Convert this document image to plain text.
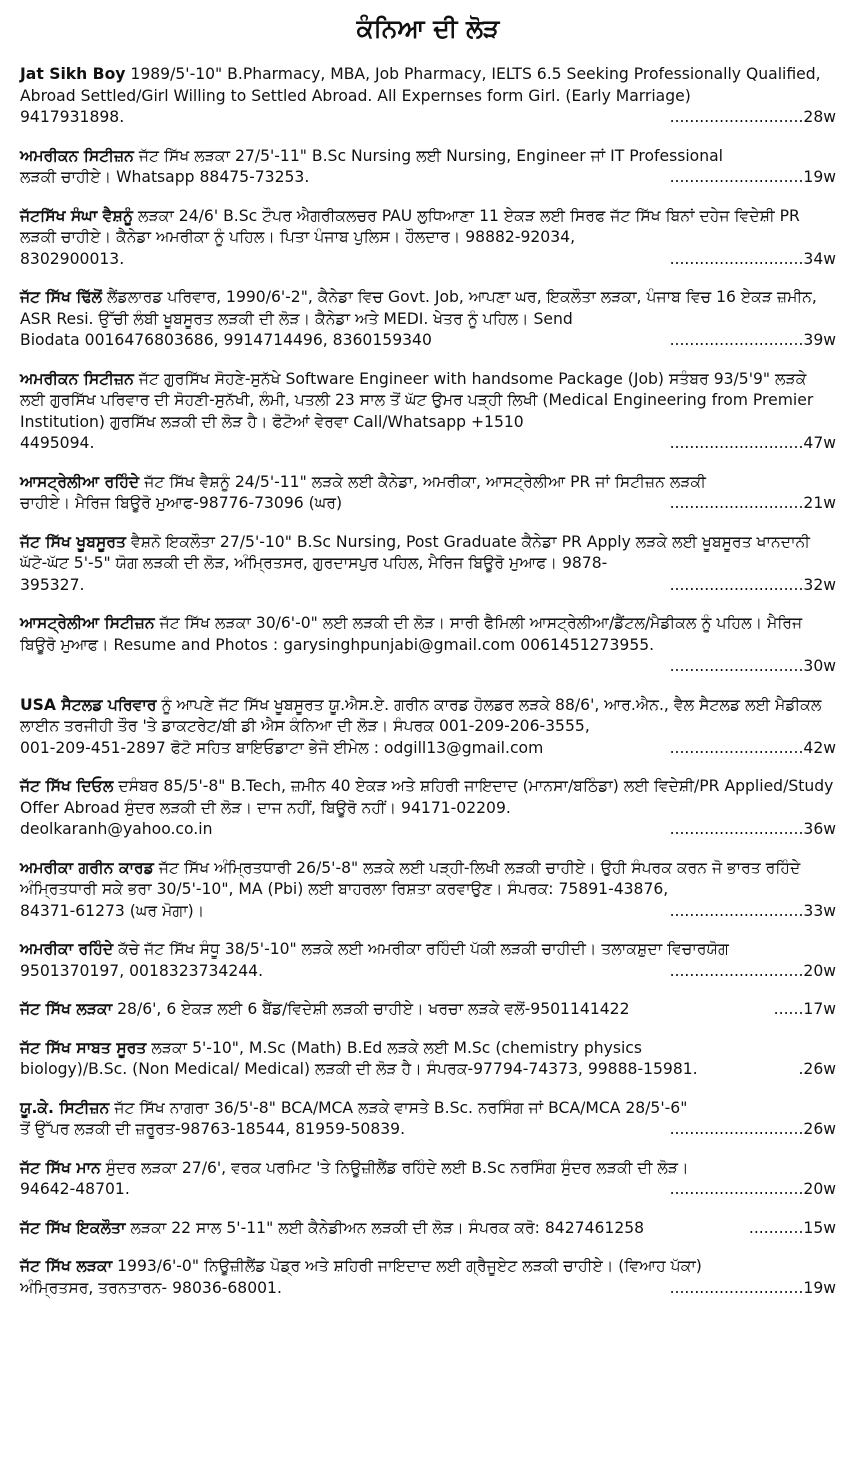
ਕੰਨਿਆ ਦੀ ਲੋੜ
Jat Sikh Boy 1989/5'-10" B.Pharmacy, MBA, Job Pharmacy, IELTS 6.5 Seeking Professionally Qualified, Abroad Settled/Girl Willing to Settled Abroad. All Expernses form Girl. (Early Marriage)
9417931898.	...........................28w
ਅਮਰੀਕਨ ਸਿਟੀਜ਼ਨ ਜੱਟ ਸਿੱਖ ਲੜਕਾ 27/5'-11" B.Sc Nursing ਲਈ Nursing, Engineer ਜਾਂ IT Professional
ਲੜਕੀ ਚਾਹੀਏ। Whatsapp 88475-73253.	...........................19w
ਜੱਟਸਿੱਖ ਸੰਘਾ ਵੈਸ਼ਨੂੰ ਲੜਕਾ 24/6' B.Sc ਟੌਪਰ ਐਗਰੀਕਲਚਰ PAU ਲੁਧਿਆਣਾ 11 ਏਕੜ ਲਈ ਸਿਰਫ ਜੱਟ ਸਿੱਖ ਬਿਨਾਂ ਦਹੇਜ ਵਿਦੇਸ਼ੀ PR ਲੜਕੀ ਚਾਹੀਏ। ਕੈਨੇਡਾ ਅਮਰੀਕਾ ਨੂੰ ਪਹਿਲ। ਪਿਤਾ ਪੰਜਾਬ ਪੁਲਿਸ। ਹੌਲਦਾਰ। 98882-92034,
8302900013.	...........................34w
ਜੱਟ ਸਿੱਖ ਢਿੱਲੋਂ ਲੈਂਡਲਾਰਡ ਪਰਿਵਾਰ, 1990/6'-2", ਕੈਨੇਡਾ ਵਿਚ Govt. Job, ਆਪਣਾ ਘਰ, ਇਕਲੌਤਾ ਲੜਕਾ, ਪੰਜਾਬ ਵਿਚ 16 ਏਕੜ ਜ਼ਮੀਨ, ASR Resi. ਉੱਚੀ ਲੰਬੀ ਖੂਬਸੂਰਤ ਲੜਕੀ ਦੀ ਲੋੜ। ਕੈਨੇਡਾ ਅਤੇ MEDI. ਖੇਤਰ ਨੂੰ ਪਹਿਲ। Send
Biodata 0016476803686, 9914714496, 8360159340	...........................39w
ਅਮਰੀਕਨ ਸਿਟੀਜ਼ਨ ਜੱਟ ਗੁਰਸਿੱਖ ਸੋਹਣੇ-ਸੁਨੱਖੇ Software Engineer with handsome Package (Job) ਸਤੰਬਰ 93/5'9" ਲੜਕੇ ਲਈ ਗੁਰਸਿੱਖ ਪਰਿਵਾਰ ਦੀ ਸੋਹਣੀ-ਸੁਨੱਖੀ, ਲੰਮੀ, ਪਤਲੀ 23 ਸਾਲ ਤੋਂ ਘੱਟ ਉਮਰ ਪੜ੍ਹੀ ਲਿਖੀ (Medical Engineering from Premier Institution) ਗੁਰਸਿੱਖ ਲੜਕੀ ਦੀ ਲੋੜ ਹੈ। ਫੋਟੋਆਂ ਵੇਰਵਾ Call/Whatsapp +1510
4495094.	...........................47w
ਆਸਟ੍ਰੇਲੀਆ ਰਹਿੰਦੇ ਜੱਟ ਸਿੱਖ ਵੈਸ਼ਨੂੰ 24/5'-11" ਲੜਕੇ ਲਈ ਕੈਨੇਡਾ, ਅਮਰੀਕਾ, ਆਸਟ੍ਰੇਲੀਆ PR ਜਾਂ ਸਿਟੀਜ਼ਨ ਲੜਕੀ
ਚਾਹੀਏ। ਮੈਰਿਜ ਬਿਊਰੋ ਮੁਆਫ-98776-73096 (ਘਰ)	...........................21w
ਜੱਟ ਸਿੱਖ ਖੂਬਸੂਰਤ ਵੈਸ਼ਨੋ ਇਕਲੌਤਾ 27/5'-10" B.Sc Nursing, Post Graduate ਕੈਨੇਡਾ PR Apply ਲੜਕੇ ਲਈ ਖੂਬਸੂਰਤ ਖਾਨਦਾਨੀ ਘੱਟੋ-ਘੱਟ 5'-5" ਯੋਗ ਲੜਕੀ ਦੀ ਲੋੜ, ਅੰਮ੍ਰਿਤਸਰ, ਗੁਰਦਾਸਪੁਰ ਪਹਿਲ, ਮੈਰਿਜ ਬਿਊਰੋ ਮੁਆਫ। 9878-
395327.	...........................32w
ਆਸਟ੍ਰੇਲੀਆ ਸਿਟੀਜ਼ਨ ਜੱਟ ਸਿੱਖ ਲੜਕਾ 30/6'-0" ਲਈ ਲੜਕੀ ਦੀ ਲੋੜ। ਸਾਰੀ ਫੈਮਿਲੀ ਆਸਟ੍ਰੇਲੀਆ/ਡੈਂਟਲ/ਮੈਡੀਕਲ ਨੂੰ ਪਹਿਲ। ਮੈਰਿਜ ਬਿਊਰੋ ਮੁਆਫ। Resume and Photos : garysinghpunjabi@gmail.com 0061451273955.
...........................30w
USA ਸੈਟਲਡ ਪਰਿਵਾਰ ਨੂੰ ਆਪਣੇ ਜੱਟ ਸਿੱਖ ਖੂਬਸੂਰਤ ਯੂ.ਐਸ.ਏ. ਗਰੀਨ ਕਾਰਡ ਹੋਲਡਰ ਲੜਕੇ 88/6', ਆਰ.ਐਨ., ਵੈਲ ਸੈਟਲਡ ਲਈ ਮੈਡੀਕਲ ਲਾਈਨ ਤਰਜੀਹੀ ਤੌਰ 'ਤੇ ਡਾਕਟਰੇਟ/ਬੀ ਡੀ ਐਸ ਕੰਨਿਆ ਦੀ ਲੋੜ। ਸੰਪਰਕ 001-209-206-3555,
001-209-451-2897 ਫੋਟੋ ਸਹਿਤ ਬਾਇਓਡਾਟਾ ਭੇਜੋ ਈਮੇਲ : odgill13@gmail.com	...........................42w
ਜੱਟ ਸਿੱਖ ਦਿਓਲ ਦਸੰਬਰ 85/5'-8" B.Tech, ਜ਼ਮੀਨ 40 ਏਕੜ ਅਤੇ ਸ਼ਹਿਰੀ ਜਾਇਦਾਦ (ਮਾਨਸਾ/ਬਠਿੰਡਾ) ਲਈ ਵਿਦੇਸ਼ੀ/PR Applied/Study Offer Abroad ਸੁੰਦਰ ਲੜਕੀ ਦੀ ਲੋੜ। ਦਾਜ ਨਹੀਂ, ਬਿਊਰੋ ਨਹੀਂ। 94171-02209.
deolkaranh@yahoo.co.in	...........................36w
ਅਮਰੀਕਾ ਗਰੀਨ ਕਾਰਡ ਜੱਟ ਸਿੱਖ ਅੰਮ੍ਰਿਤਧਾਰੀ 26/5'-8" ਲੜਕੇ ਲਈ ਪੜ੍ਹੀ-ਲਿਖੀ ਲੜਕੀ ਚਾਹੀਏ। ਉਹੀ ਸੰਪਰਕ ਕਰਨ ਜੋ ਭਾਰਤ ਰਹਿੰਦੇ ਅੰਮ੍ਰਿਤਧਾਰੀ ਸਕੇ ਭਰਾ 30/5'-10", MA (Pbi) ਲਈ ਬਾਹਰਲਾ ਰਿਸ਼ਤਾ ਕਰਵਾਉਣ। ਸੰਪਰਕ: 75891-43876,
84371-61273 (ਘਰ ਮੋਗਾ)।	...........................33w
ਅਮਰੀਕਾ ਰਹਿੰਦੇ ਕੱਚੇ ਜੱਟ ਸਿੱਖ ਸੰਧੂ 38/5'-10" ਲੜਕੇ ਲਈ ਅਮਰੀਕਾ ਰਹਿੰਦੀ ਪੱਕੀ ਲੜਕੀ ਚਾਹੀਦੀ। ਤਲਾਕਸ਼ੁਦਾ ਵਿਚਾਰਯੋਗ
9501370197, 0018323734244.	...........................20w
ਜੱਟ ਸਿੱਖ ਲੜਕਾ 28/6', 6 ਏਕੜ ਲਈ 6 ਬੈਂਡ/ਵਿਦੇਸ਼ੀ ਲੜਕੀ ਚਾਹੀਏ। ਖਰਚਾ ਲੜਕੇ ਵਲੋਂ-9501141422	......17w
ਜੱਟ ਸਿੱਖ ਸਾਬਤ ਸੂਰਤ ਲੜਕਾ 5'-10", M.Sc (Math) B.Ed ਲੜਕੇ ਲਈ M.Sc (chemistry physics
biology)/B.Sc. (Non Medical/ Medical) ਲੜਕੀ ਦੀ ਲੋੜ ਹੈ। ਸੰਪਰਕ-97794-74373, 99888-15981.	.26w
ਯੂ.ਕੇ. ਸਿਟੀਜ਼ਨ ਜੱਟ ਸਿੱਖ ਨਾਗਰਾ 36/5'-8" BCA/MCA ਲੜਕੇ ਵਾਸਤੇ B.Sc. ਨਰਸਿੰਗ ਜਾਂ BCA/MCA 28/5'-6"
ਤੋਂ ਉੱਪਰ ਲੜਕੀ ਦੀ ਜ਼ਰੂਰਤ-98763-18544, 81959-50839.	...........................26w
ਜੱਟ ਸਿੱਖ ਮਾਨ ਸੁੰਦਰ ਲੜਕਾ 27/6', ਵਰਕ ਪਰਮਿਟ 'ਤੇ ਨਿਊਜ਼ੀਲੈਂਡ ਰਹਿੰਦੇ ਲਈ B.Sc ਨਰਸਿੰਗ ਸੁੰਦਰ ਲੜਕੀ ਦੀ ਲੋੜ।
94642-48701.	...........................20w
ਜੱਟ ਸਿੱਖ ਇਕਲੌਤਾ ਲੜਕਾ 22 ਸਾਲ 5'-11" ਲਈ ਕੈਨੇਡੀਅਨ ਲੜਕੀ ਦੀ ਲੋੜ। ਸੰਪਰਕ ਕਰੋ: 8427461258	...........15w
ਜੱਟ ਸਿੱਖ ਲੜਕਾ 1993/6'-0" ਨਿਊਜ਼ੀਲੈਂਡ ਪੋਡ੍ਰ ਅਤੇ ਸ਼ਹਿਰੀ ਜਾਇਦਾਦ ਲਈ ਗ੍ਰੈਜੂਏਟ ਲੜਕੀ ਚਾਹੀਏ। (ਵਿਆਹ ਪੱਕਾ)
ਅੰਮ੍ਰਿਤਸਰ, ਤਰਨਤਾਰਨ- 98036-68001.	...........................19w
